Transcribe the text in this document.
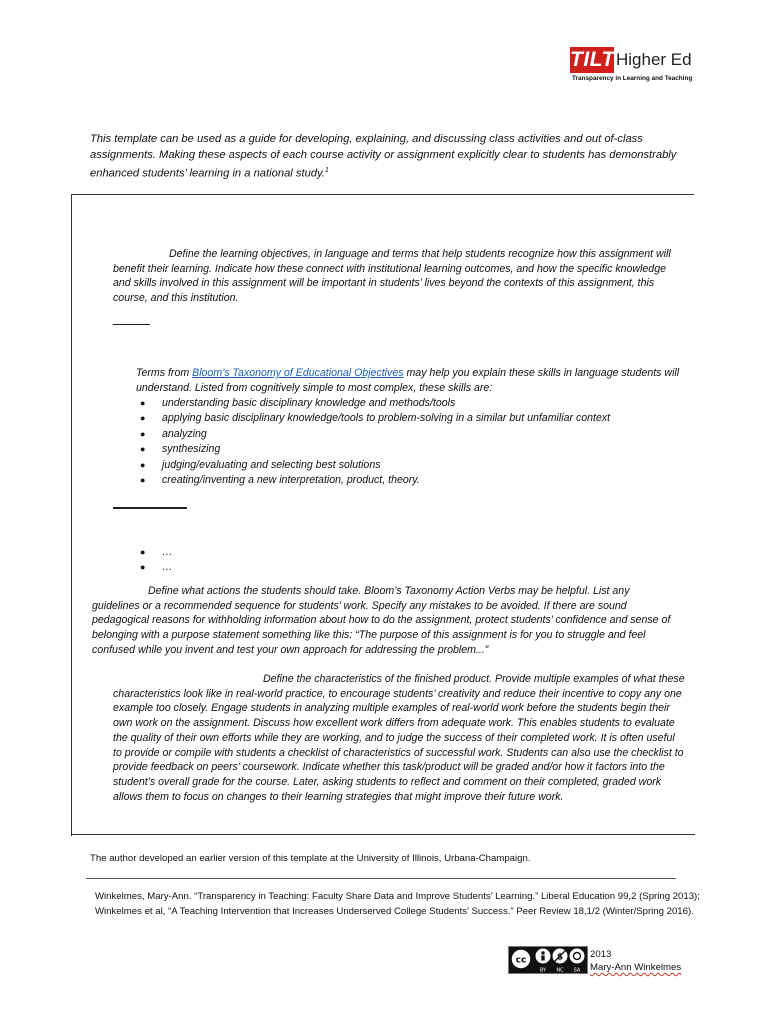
TILT Higher Ed
Transparency in Learning and Teaching

This template can be used as a guide for developing, explaining, and discussing class activities and out of-class assignments. Making these aspects of each course activity or assignment explicitly clear to students has demonstrably enhanced students’ learning in a national study.$^1$

Define the learning objectives, in language and terms that help students recognize how this assignment will benefit their learning. Indicate how these connect with institutional learning outcomes, and how the specific knowledge and skills involved in this assignment will be important in students’ lives beyond the contexts of this assignment, this course, and this institution.

Terms from Bloom’s Taxonomy of Educational Objectives may help you explain these skills in language students will understand. Listed from cognitively simple to most complex, these skills are:

● understanding basic disciplinary knowledge and methods/tools
● applying basic disciplinary knowledge/tools to problem-solving in a similar but unfamiliar context
● analyzing
● synthesizing
● judging/evaluating and selecting best solutions
● creating/inventing a new interpretation, product, theory.
● …
● …

Define what actions the students should take. Bloom’s Taxonomy Action Verbs may be helpful. List any guidelines or a recommended sequence for students’ work. Specify any mistakes to be avoided. If there are sound pedagogical reasons for withholding information about how to do the assignment, protect students’ confidence and sense of belonging with a purpose statement something like this: “The purpose of this assignment is for you to struggle and feel confused while you invent and test your own approach for addressing the problem...”

Define the characteristics of the finished product. Provide multiple examples of what these characteristics look like in real-world practice, to encourage students’ creativity and reduce their incentive to copy any one example too closely. Engage students in analyzing multiple examples of real-world work before the students begin their own work on the assignment. Discuss how excellent work differs from adequate work. This enables students to evaluate the quality of their own efforts while they are working, and to judge the success of their completed work. It is often useful to provide or compile with students a checklist of characteristics of successful work. Students can also use the checklist to provide feedback on peers’ coursework. Indicate whether this task/product will be graded and/or how it factors into the student’s overall grade for the course. Later, asking students to reflect and comment on their completed, graded work allows them to focus on changes to their learning strategies that might improve their future work.

The author developed an earlier version of this template at the University of Illinois, Urbana-Champaign.

Winkelmes, Mary-Ann. “Transparency in Teaching: Faculty Share Data and Improve Students’ Learning.” Liberal Education 99,2 (Spring 2013);
Winkelmes et al, “A Teaching Intervention that Increases Underserved College Students’ Success.” Peer Review 18,1/2 (Winter/Spring 2016).
cc	$
BY NC SA
2013
Mary-Ann Winkelmes
